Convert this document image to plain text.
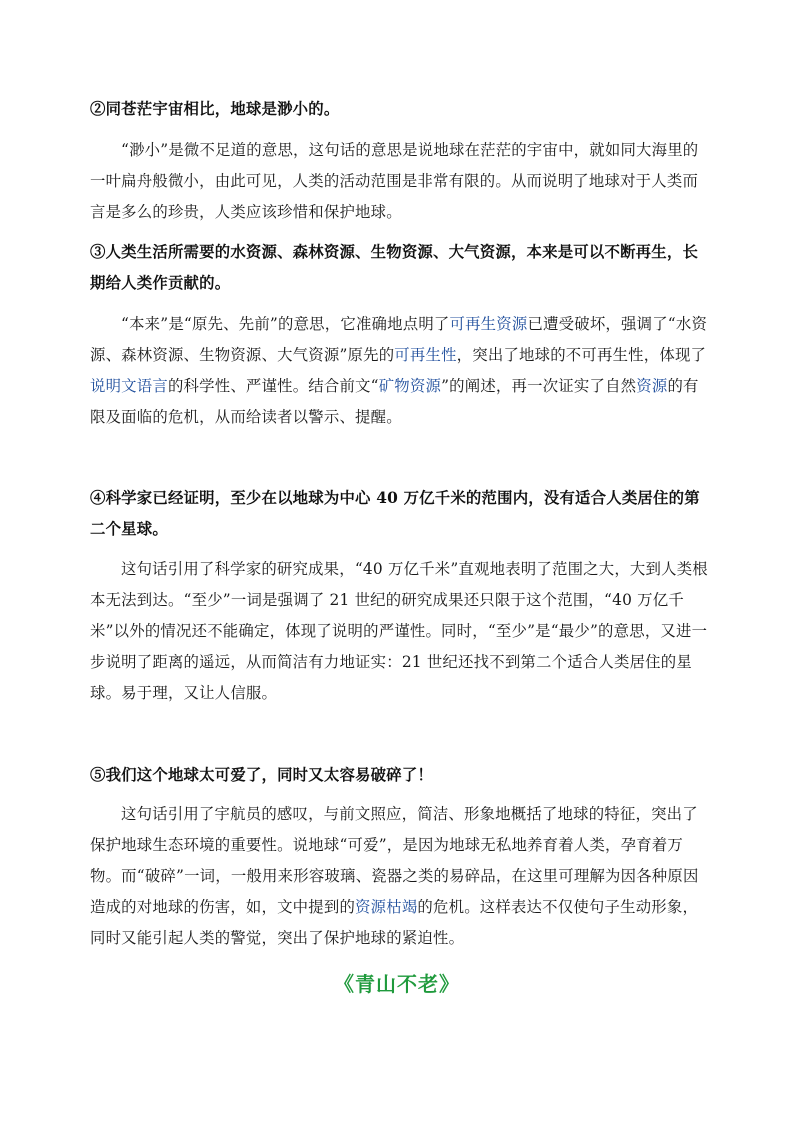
②同苍茫宇宙相比，地球是渺小的。
“渺小”是微不足道的意思，这句话的意思是说地球在茫茫的宇宙中，就如同大海里的一叶扁舟般微小，由此可见，人类的活动范围是非常有限的。从而说明了地球对于人类而言是多么的珍贵，人类应该珍惜和保护地球。
③人类生活所需要的水资源、森林资源、生物资源、大气资源，本来是可以不断再生，长期给人类作贡献的。
“本来”是“原先、先前”的意思，它准确地点明了可再生资源已遭受破坏，强调了“水资源、森林资源、生物资源、大气资源”原先的可再生性，突出了地球的不可再生性，体现了说明文语言的科学性、严谨性。结合前文“矿物资源”的阐述，再一次证实了自然资源的有限及面临的危机，从而给读者以警示、提醒。
④科学家已经证明，至少在以地球为中心 40 万亿千米的范围内，没有适合人类居住的第二个星球。
这句话引用了科学家的研究成果，“40 万亿千米”直观地表明了范围之大，大到人类根本无法到达。“至少”一词是强调了 21 世纪的研究成果还只限于这个范围，“40 万亿千米”以外的情况还不能确定，体现了说明的严谨性。同时，“至少”是“最少”的意思，又进一步说明了距离的遥远，从而简洁有力地证实：21 世纪还找不到第二个适合人类居住的星球。易于理，又让人信服。
⑤我们这个地球太可爱了，同时又太容易破碎了！
这句话引用了宇航员的感叹，与前文照应，简洁、形象地概括了地球的特征，突出了保护地球生态环境的重要性。说地球“可爱”，是因为地球无私地养育着人类，孕育着万物。而“破碎”一词，一般用来形容玻璃、瓷器之类的易碎品，在这里可理解为因各种原因造成的对地球的伤害，如，文中提到的资源枯竭的危机。这样表达不仅使句子生动形象，同时又能引起人类的警觉，突出了保护地球的紧迫性。
《青山不老》
